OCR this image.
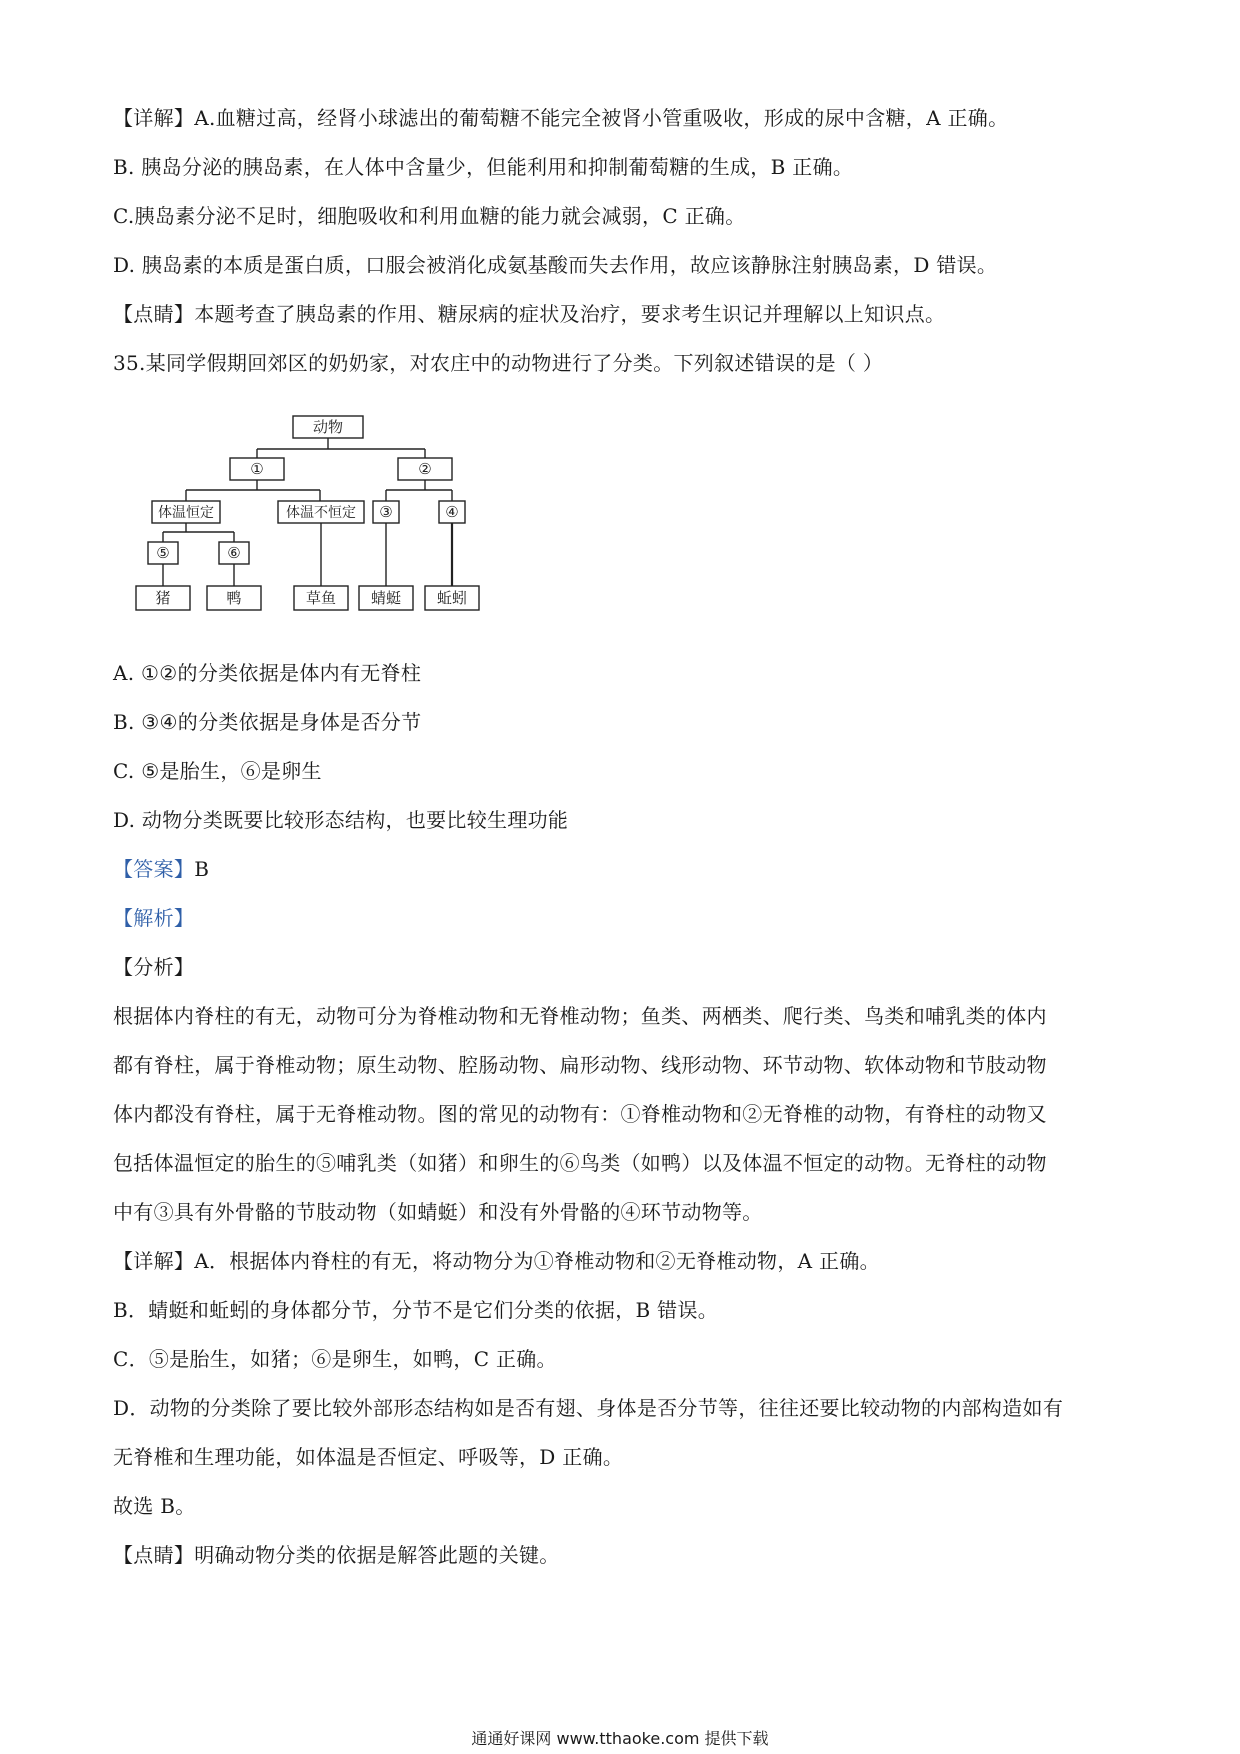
【详解】A.血糖过高，经肾小球滤出的葡萄糖不能完全被肾小管重吸收，形成的尿中含糖，A 正确。
B. 胰岛分泌的胰岛素，在人体中含量少，但能利用和抑制葡萄糖的生成，B 正确。
C.胰岛素分泌不足时，细胞吸收和利用血糖的能力就会减弱，C 正确。
D. 胰岛素的本质是蛋白质，口服会被消化成氨基酸而失去作用，故应该静脉注射胰岛素，D 错误。
【点睛】本题考查了胰岛素的作用、糖尿病的症状及治疗，要求考生识记并理解以上知识点。
35.某同学假期回郊区的奶奶家，对农庄中的动物进行了分类。下列叙述错误的是（ ）
动物
①	②
体温恒定	体温不恒定 ③	④
⑤	⑥
猪	鸭	草鱼 蜻蜓 蚯蚓
A. ①②的分类依据是体内有无脊柱
B. ③④的分类依据是身体是否分节
C. ⑤是胎生，⑥是卵生
D. 动物分类既要比较形态结构，也要比较生理功能
【答案】B
【解析】
【分析】
根据体内脊柱的有无，动物可分为脊椎动物和无脊椎动物；鱼类、两栖类、爬行类、鸟类和哺乳类的体内
都有脊柱，属于脊椎动物；原生动物、腔肠动物、扁形动物、线形动物、环节动物、软体动物和节肢动物
体内都没有脊柱，属于无脊椎动物。图的常见的动物有：①脊椎动物和②无脊椎的动物，有脊柱的动物又
包括体温恒定的胎生的⑤哺乳类（如猪）和卵生的⑥鸟类（如鸭）以及体温不恒定的动物。无脊柱的动物
中有③具有外骨骼的节肢动物（如蜻蜓）和没有外骨骼的④环节动物等。
【详解】A．根据体内脊柱的有无，将动物分为①脊椎动物和②无脊椎动物，A 正确。
B．蜻蜓和蚯蚓的身体都分节，分节不是它们分类的依据，B 错误。
C．⑤是胎生，如猪；⑥是卵生，如鸭，C 正确。
D．动物的分类除了要比较外部形态结构如是否有翅、身体是否分节等，往往还要比较动物的内部构造如有
无脊椎和生理功能，如体温是否恒定、呼吸等，D 正确。
故选 B。
【点睛】明确动物分类的依据是解答此题的关键。
通通好课网 www.tthaoke.com 提供下载
